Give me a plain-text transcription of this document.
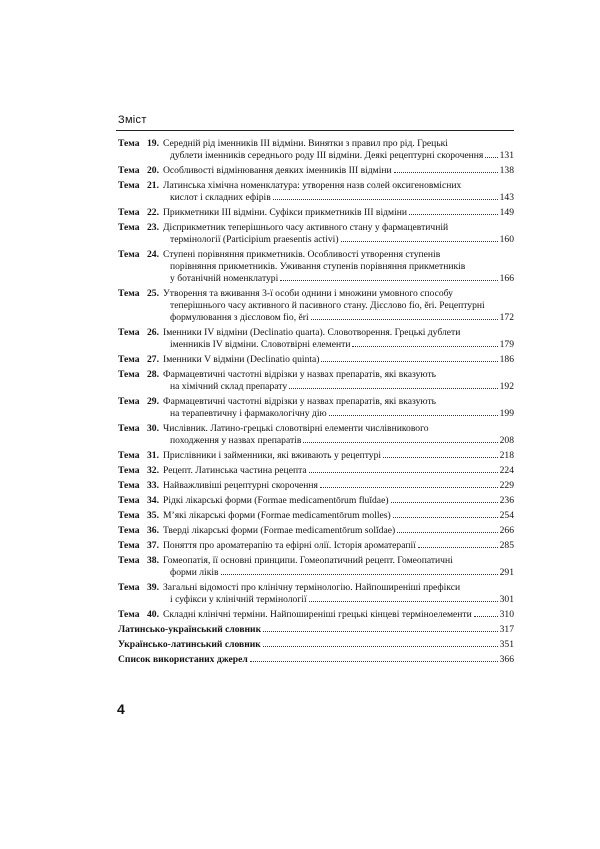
Зміст
Тема 19. Середній рід іменників III відміни. Винятки з правил про рід. Грецькі
дублети іменників середнього роду III відміни. Деякі рецептурні скорочення 131
Тема 20. Особливості відмінювання деяких іменників III відміни	138
Тема 21. Латинська хімічна номенклатура: утворення назв солей оксигеновмісних
кислот і складних ефірів	143
Тема 22. Прикметники III відміни. Суфікси прикметників III відміни	149
Тема 23. Дієприкметник теперішнього часу активного стану у фармацевтичній
термінології (Participium praesentis activi)	160
Тема 24. Ступені порівняння прикметників. Особливості утворення ступенів
порівняння прикметників. Уживання ступенів порівняння прикметників
у ботанічній номенклатурі	166
Тема 25. Утворення та вживання 3-ї особи однини і множини умовного способу
теперішнього часу активного й пасивного стану. Дієслово fio, ĕri. Рецептурні
формулювання з дієсловом fio, ĕri	172
Тема 26. Іменники IV відміни (Declinatio quarta). Словотворення. Грецькі дублети
іменників IV відміни. Словотвірні елементи	179
Тема 27. Іменники V відміни (Declinatio quinta)	186
Тема 28. Фармацевтичні частотні відрізки у назвах препаратів, які вказують
на хімічний склад препарату	192
Тема 29. Фармацевтичні частотні відрізки у назвах препаратів, які вказують
на терапевтичну і фармакологічну дію	199
Тема 30. Числівник. Латино-грецькі словотвірні елементи числівникового
походження у назвах препаратів	208
Тема 31. Прислівники і займенники, які вживають у рецептурі	218
Тема 32. Рецепт. Латинська частина рецепта	224
Тема 33. Найважливіші рецептурні скорочення	229
Тема 34. Рідкі лікарські форми (Formae medicamentōrum fluĭdae)	236
Тема 35. М’які лікарські форми (Formae medicamentōrum molles)	254
Тема 36. Тверді лікарські форми (Formae medicamentōrum solĭdae)	266
Тема 37. Поняття про ароматерапію та ефірні олії. Історія ароматерапії	285
Тема 38. Гомеопатія, її основні принципи. Гомеопатичний рецепт. Гомеопатичні
форми ліків	291
Тема 39. Загальні відомості про клінічну термінологію. Найпоширеніші префікси
і суфікси у клінічній термінології	301
Тема 40. Складні клінічні терміни. Найпоширеніші грецькі кінцеві терміноелементи	310
Латинсько-український словник	317
Українсько-латинський словник	351
Список використаних джерел	366
4
